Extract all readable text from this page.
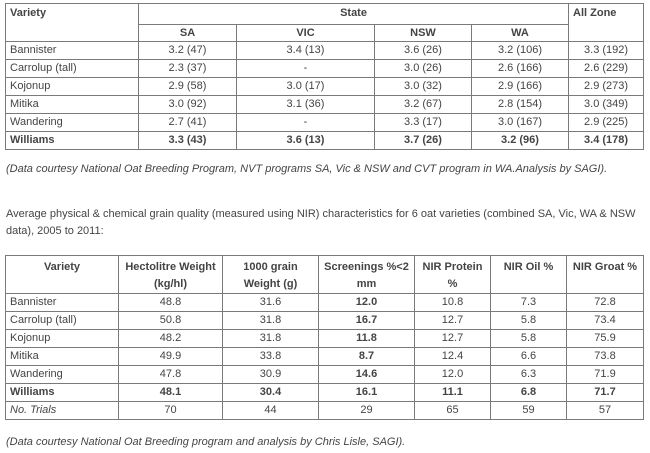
Variety	State				All Zone
	SA	VIC	NSW	WA	
Bannister	3.2 (47)	3.4 (13)	3.6 (26)	3.2 (106)	3.3 (192)
Carrolup (tall)	2.3 (37)	-	3.0 (26)	2.6 (166)	2.6 (229)
Kojonup	2.9 (58)	3.0 (17)	3.0 (32)	2.9 (166)	2.9 (273)
Mitika	3.0 (92)	3.1 (36)	3.2 (67)	2.8 (154)	3.0 (349)
Wandering	2.7 (41)	-	3.3 (17)	3.0 (167)	2.9 (225)
Williams	3.3 (43)	3.6 (13)	3.7 (26)	3.2 (96)	3.4 (178)

(Data courtesy National Oat Breeding Program, NVT programs SA, Vic & NSW and CVT program in WA.Analysis by SAGI).

Average physical & chemical grain quality (measured using NIR) characteristics for 6 oat varieties (combined SA, Vic, WA & NSW data), 2005 to 2011:

Variety	Hectolitre Weight (kg/hl)	1000 grain Weight (g)	Screenings %<2 mm	NIR Protein %	NIR Oil %	NIR Groat %
Bannister	48.8	31.6	12.0	10.8	7.3	72.8
Carrolup (tall)	50.8	31.8	16.7	12.7	5.8	73.4
Kojonup	48.2	31.8	11.8	12.7	5.8	75.9
Mitika	49.9	33.8	8.7	12.4	6.6	73.8
Wandering	47.8	30.9	14.6	12.0	6.3	71.9
Williams	48.1	30.4	16.1	11.1	6.8	71.7
No. Trials	70	44	29	65	59	57

(Data courtesy National Oat Breeding program and analysis by Chris Lisle, SAGI).
